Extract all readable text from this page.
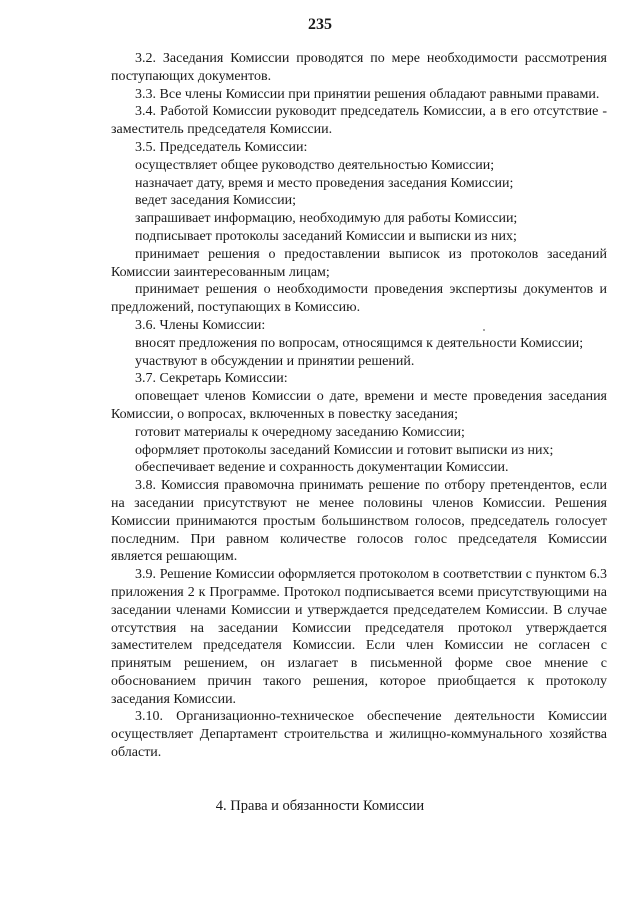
235

3.2. Заседания Комиссии проводятся по мере необходимости рассмотрения поступающих документов.

3.3. Все члены Комиссии при принятии решения обладают равными правами.

3.4. Работой Комиссии руководит председатель Комиссии, а в его отсутствие - заместитель председателя Комиссии.

3.5. Председатель Комиссии:

осуществляет общее руководство деятельностью Комиссии;

назначает дату, время и место проведения заседания Комиссии;

ведет заседания Комиссии;

запрашивает информацию, необходимую для работы Комиссии;

подписывает протоколы заседаний Комиссии и выписки из них;

принимает решения о предоставлении выписок из протоколов заседаний Комиссии заинтересованным лицам;

принимает решения о необходимости проведения экспертизы документов и предложений, поступающих в Комиссию.

3.6. Члены Комиссии:

вносят предложения по вопросам, относящимся к деятельности Комиссии;

участвуют в обсуждении и принятии решений.

3.7. Секретарь Комиссии:

оповещает членов Комиссии о дате, времени и месте проведения заседания Комиссии, о вопросах, включенных в повестку заседания;

готовит материалы к очередному заседанию Комиссии;

оформляет протоколы заседаний Комиссии и готовит выписки из них;

обеспечивает ведение и сохранность документации Комиссии.

3.8. Комиссия правомочна принимать решение по отбору претендентов, если на заседании присутствуют не менее половины членов Комиссии. Решения Комиссии принимаются простым большинством голосов, председатель голосует последним. При равном количестве голосов голос председателя Комиссии является решающим.

3.9. Решение Комиссии оформляется протоколом в соответствии с пунктом 6.3 приложения 2 к Программе. Протокол подписывается всеми присутствующими на заседании членами Комиссии и утверждается председателем Комиссии. В случае отсутствия на заседании Комиссии председателя протокол утверждается заместителем председателя Комиссии. Если член Комиссии не согласен с принятым решением, он излагает в письменной форме свое мнение с обоснованием причин такого решения, которое приобщается к протоколу заседания Комиссии.

3.10. Организационно-техническое обеспечение деятельности Комиссии осуществляет Департамент строительства и жилищно-коммунального хозяйства области.

4. Права и обязанности Комиссии
